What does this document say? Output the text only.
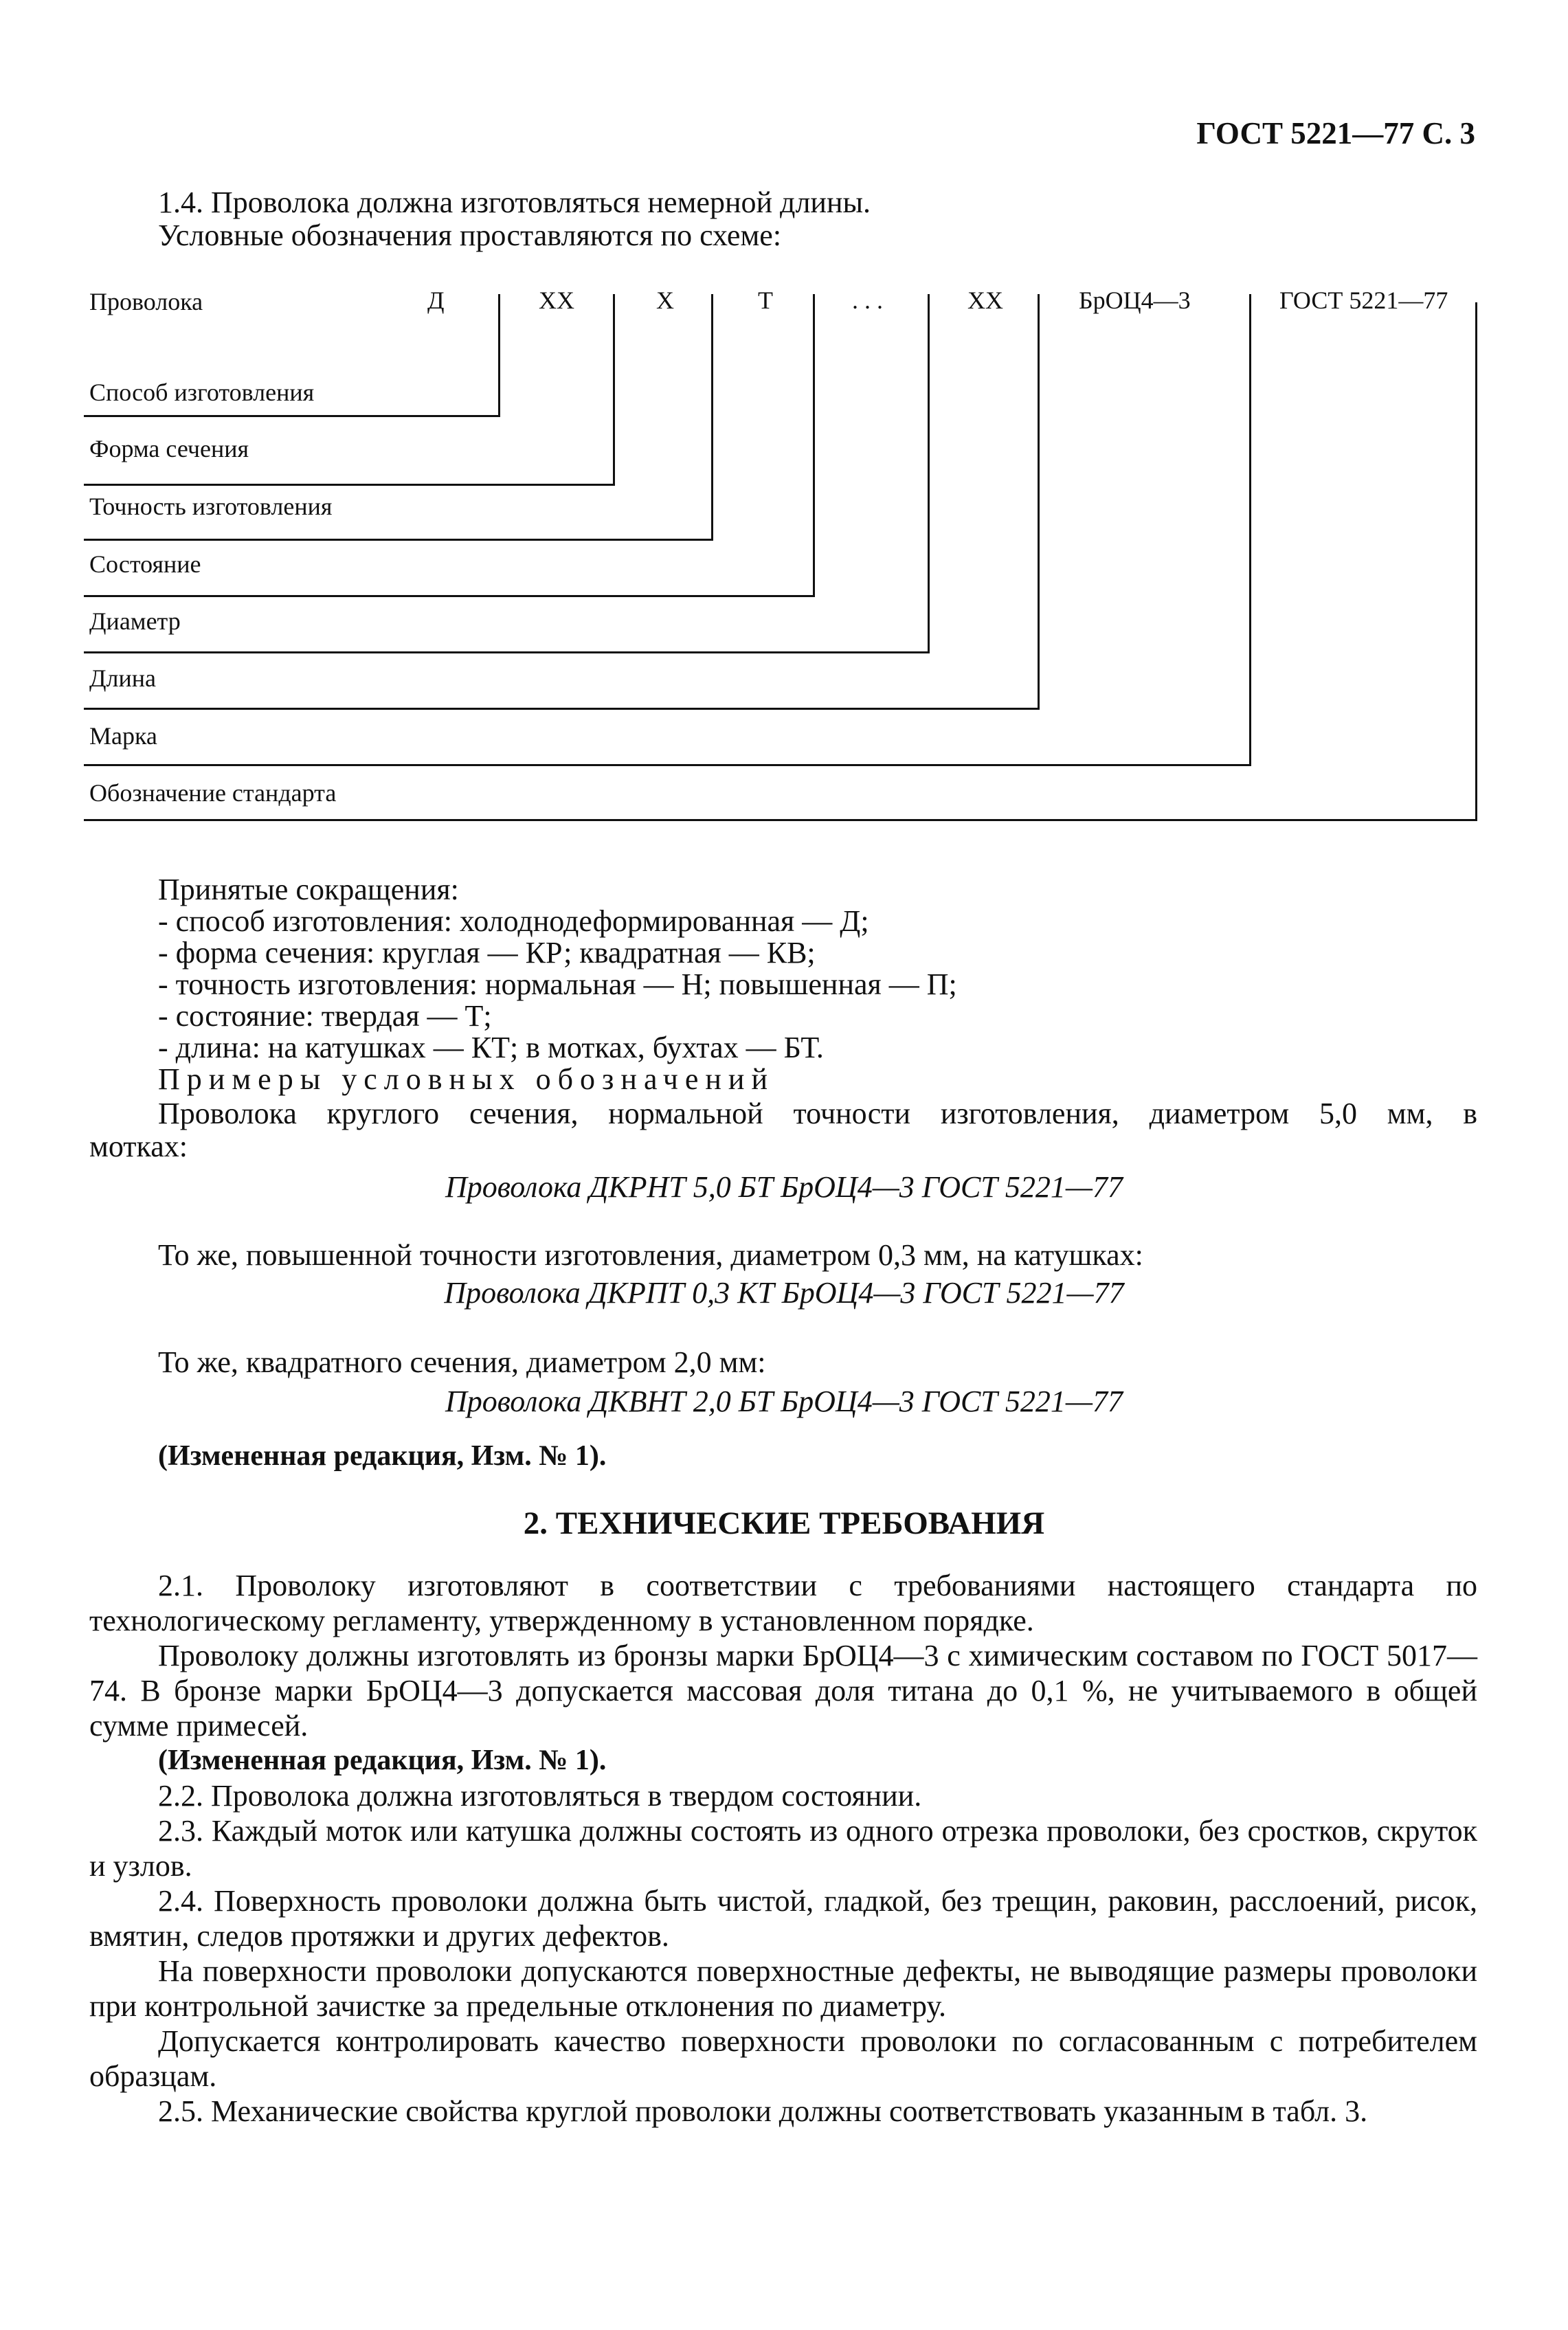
ГОСТ 5221—77 С. 3
1.4. Проволока должна изготовляться немерной длины.
Условные обозначения проставляются по схеме:
Проволока	Д	ХХ	Х	Т	. . .	ХХ	БрОЦ4—3	ГОСТ 5221—77
Способ изготовления
Форма сечения
Точность изготовления
Состояние
Диаметр
Длина
Марка
Обозначение стандарта
Принятые сокращения:
- способ изготовления: холоднодеформированная — Д;
- форма сечения: круглая — КР; квадратная — КВ;
- точность изготовления: нормальная — Н; повышенная — П;
- состояние: твердая — Т;
- длина: на катушках — КТ; в мотках, бухтах — БТ.
Примеры условных обозначений
Проволока круглого сечения, нормальной точности изготовления, диаметром 5,0 мм, в
мотках:
Проволока ДКРНТ 5,0 БТ БрОЦ4—3 ГОСТ 5221—77
То же, повышенной точности изготовления, диаметром 0,3 мм, на катушках:
Проволока ДКРПТ 0,3 КТ БрОЦ4—3 ГОСТ 5221—77
То же, квадратного сечения, диаметром 2,0 мм:
Проволока ДКВНТ 2,0 БТ БрОЦ4—3 ГОСТ 5221—77
(Измененная редакция, Изм. № 1).
2. ТЕХНИЧЕСКИЕ ТРЕБОВАНИЯ
2.1. Проволоку изготовляют в соответствии с требованиями настоящего стандарта по технологическому регламенту, утвержденному в установленном порядке.
Проволоку должны изготовлять из бронзы марки БрОЦ4—3 с химическим составом по ГОСТ 5017—74. В бронзе марки БрОЦ4—3 допускается массовая доля титана до 0,1 %, не учитываемого в общей сумме примесей.
(Измененная редакция, Изм. № 1).
2.2. Проволока должна изготовляться в твердом состоянии.
2.3. Каждый моток или катушка должны состоять из одного отрезка проволоки, без сростков, скруток и узлов.
2.4. Поверхность проволоки должна быть чистой, гладкой, без трещин, раковин, расслоений, рисок, вмятин, следов протяжки и других дефектов.
На поверхности проволоки допускаются поверхностные дефекты, не выводящие размеры проволоки при контрольной зачистке за предельные отклонения по диаметру.
Допускается контролировать качество поверхности проволоки по согласованным с потребителем образцам.
2.5. Механические свойства круглой проволоки должны соответствовать указанным в табл. 3.
